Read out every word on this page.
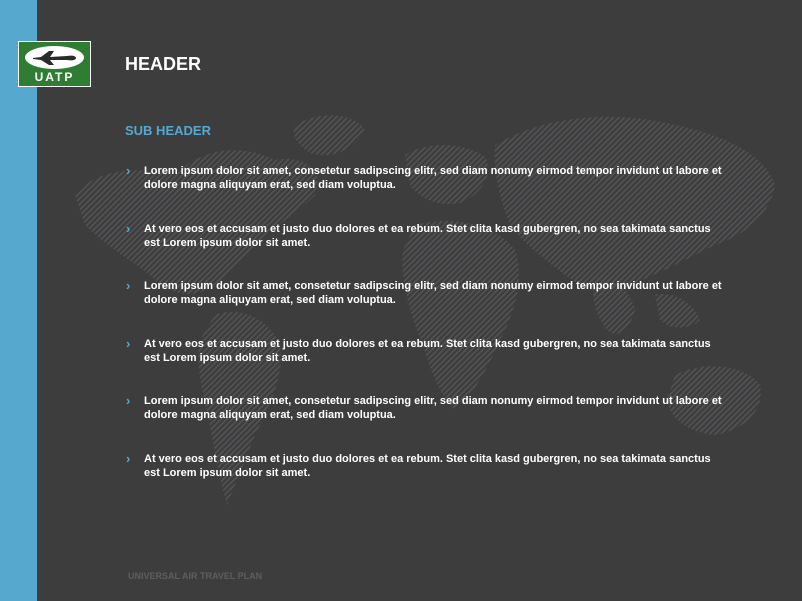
UATP
HEADER
SUB HEADER
› Lorem ipsum dolor sit amet, consetetur sadipscing elitr, sed diam nonumy eirmod tempor invidunt ut labore et dolore magna aliquyam erat, sed diam voluptua.
› At vero eos et accusam et justo duo dolores et ea rebum. Stet clita kasd gubergren, no sea takimata sanctus est Lorem ipsum dolor sit amet.
› Lorem ipsum dolor sit amet, consetetur sadipscing elitr, sed diam nonumy eirmod tempor invidunt ut labore et dolore magna aliquyam erat, sed diam voluptua.
› At vero eos et accusam et justo duo dolores et ea rebum. Stet clita kasd gubergren, no sea takimata sanctus est Lorem ipsum dolor sit amet.
› Lorem ipsum dolor sit amet, consetetur sadipscing elitr, sed diam nonumy eirmod tempor invidunt ut labore et dolore magna aliquyam erat, sed diam voluptua.
› At vero eos et accusam et justo duo dolores et ea rebum. Stet clita kasd gubergren, no sea takimata sanctus est Lorem ipsum dolor sit amet.
UNIVERSAL AIR TRAVEL PLAN
